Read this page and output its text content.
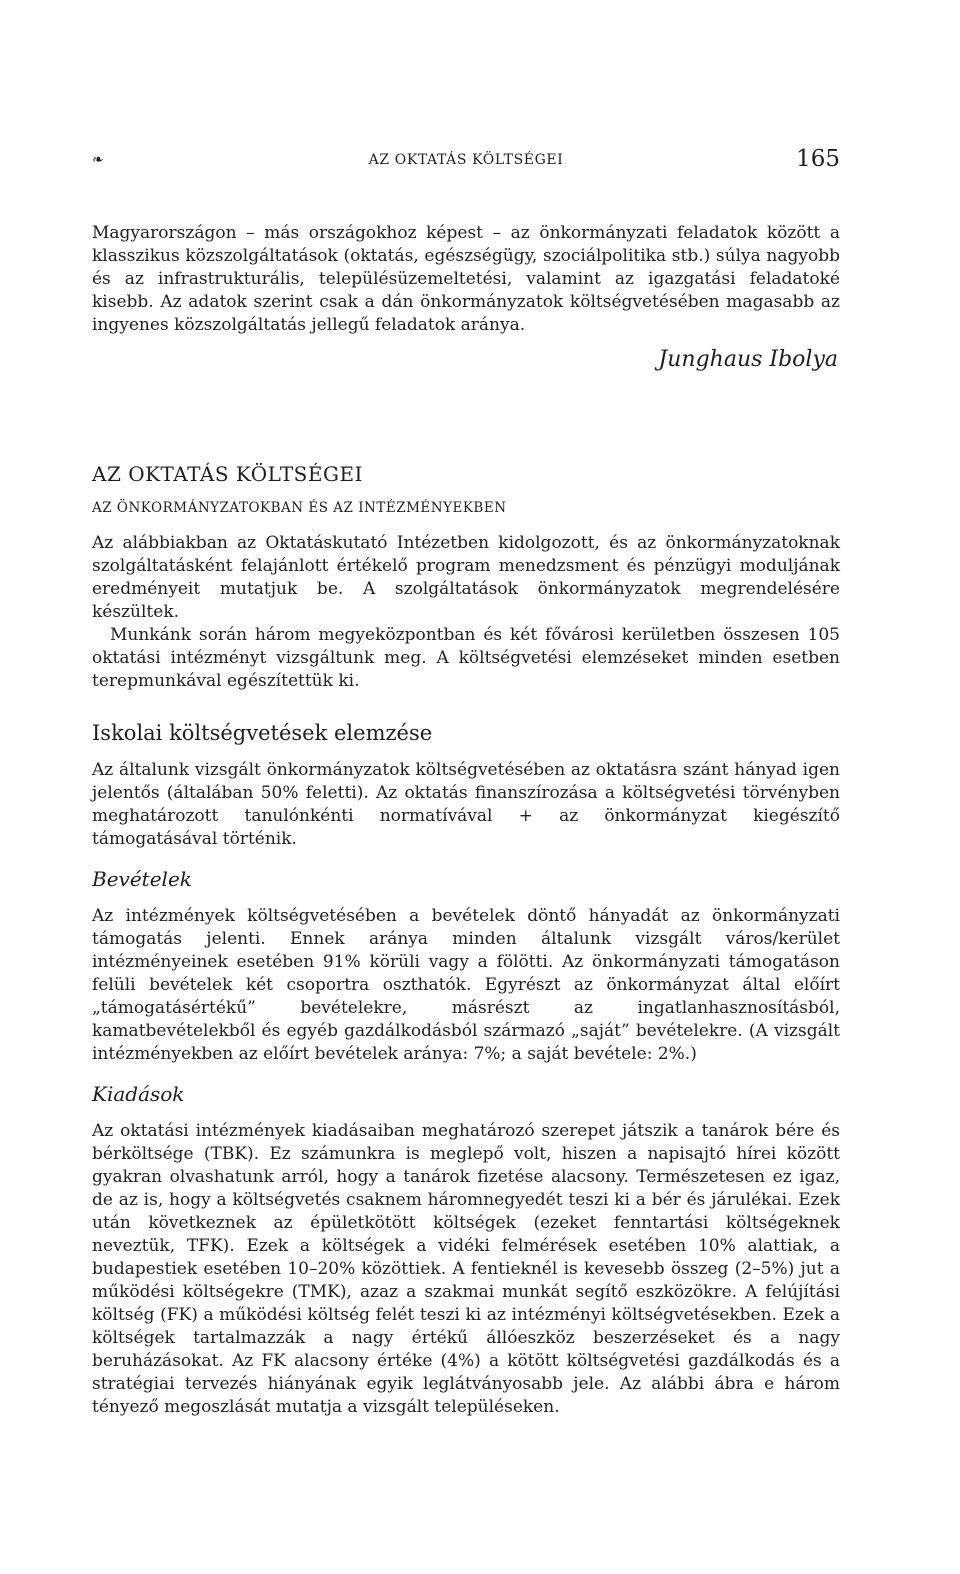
❧	AZ OKTATÁS KÖLTSÉGEI	165

Magyarországon – más országokhoz képest – az önkormányzati feladatok között a klasszikus közszolgáltatások (oktatás, egészségügy, szociálpolitika stb.) súlya nagyobb és az infrastrukturális, településüzemeltetési, valamint az igazgatási feladatoké kisebb. Az adatok szerint csak a dán önkormányzatok költségvetésében magasabb az ingyenes közszolgáltatás jellegű feladatok aránya.

Junghaus Ibolya
AZ OKTATÁS KÖLTSÉGEI
AZ ÖNKORMÁNYZATOKBAN ÉS AZ INTÉZMÉNYEKBEN

Az alábbiakban az Oktatáskutató Intézetben kidolgozott, és az önkormányzatoknak szolgáltatásként felajánlott értékelő program menedzsment és pénzügyi moduljának eredményeit mutatjuk be. A szolgáltatások önkormányzatok megrendelésére készültek.

Munkánk során három megyeközpontban és két fővárosi kerületben összesen 105 oktatási intézményt vizsgáltunk meg. A költségvetési elemzéseket minden esetben terepmunkával egészítettük ki.

Iskolai költségvetések elemzése

Az általunk vizsgált önkormányzatok költségvetésében az oktatásra szánt hányad igen jelentős (általában 50% feletti). Az oktatás finanszírozása a költségvetési törvényben meghatározott tanulónkénti normatívával + az önkormányzat kiegészítő támogatásával történik.

Bevételek

Az intézmények költségvetésében a bevételek döntő hányadát az önkormányzati támogatás jelenti. Ennek aránya minden általunk vizsgált város/kerület intézményeinek esetében 91% körüli vagy a fölötti. Az önkormányzati támogatáson felüli bevételek két csoportra oszthatók. Egyrészt az önkormányzat által előírt „támogatásértékű” bevételekre, másrészt az ingatlanhasznosításból, kamatbevételekből és egyéb gazdálkodásból származó „saját” bevételekre. (A vizsgált intézményekben az előírt bevételek aránya: 7%; a saját bevétele: 2%.)

Kiadások

Az oktatási intézmények kiadásaiban meghatározó szerepet játszik a tanárok bére és bérköltsége (TBK). Ez számunkra is meglepő volt, hiszen a napisajtó hírei között gyakran olvashatunk arról, hogy a tanárok fizetése alacsony. Természetesen ez igaz, de az is, hogy a költségvetés csaknem háromnegyedét teszi ki a bér és járulékai. Ezek után következnek az épületkötött költségek (ezeket fenntartási költségeknek neveztük, TFK). Ezek a költségek a vidéki felmérések esetében 10% alattiak, a budapestiek esetében 10–20% közöttiek. A fentieknél is kevesebb összeg (2–5%) jut a működési költségekre (TMK), azaz a szakmai munkát segítő eszközökre. A felújítási költség (FK) a működési költség felét teszi ki az intézményi költségvetésekben. Ezek a költségek tartalmazzák a nagy értékű állóeszköz beszerzéseket és a nagy beruházásokat. Az FK alacsony értéke (4%) a kötött költségvetési gazdálkodás és a stratégiai tervezés hiányának egyik leglátványosabb jele. Az alábbi ábra e három tényező megoszlását mutatja a vizsgált településeken.
